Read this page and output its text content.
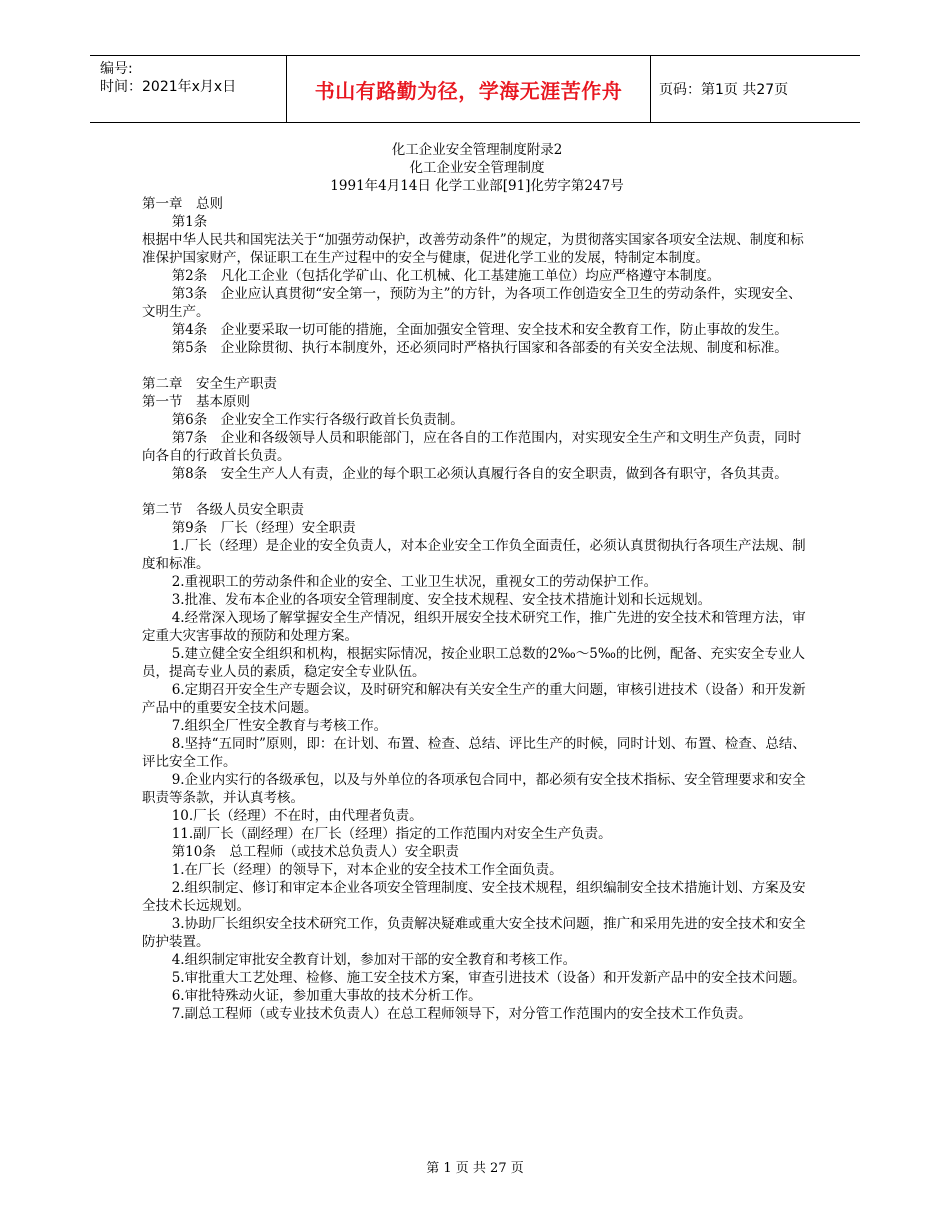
编号:
时间：2021年x月x日	书山有路勤为径，学海无涯苦作舟	页码：第1页 共27页

化工企业安全管理制度附录2

化工企业安全管理制度

1991年4月14日 化学工业部[91]化劳字第247号

第一章　总则

第1条

根据中华人民共和国宪法关于“加强劳动保护，改善劳动条件”的规定，为贯彻落实国家各项安全法规、制度和标准保护国家财产，保证职工在生产过程中的安全与健康，促进化学工业的发展，特制定本制度。

第2条　凡化工企业（包括化学矿山、化工机械、化工基建施工单位）均应严格遵守本制度。

第3条　企业应认真贯彻“安全第一，预防为主”的方针，为各项工作创造安全卫生的劳动条件，实现安全、文明生产。

第4条　企业要采取一切可能的措施，全面加强安全管理、安全技术和安全教育工作，防止事故的发生。

第5条　企业除贯彻、执行本制度外，还必须同时严格执行国家和各部委的有关安全法规、制度和标准。

第二章　安全生产职责

第一节　基本原则

第6条　企业安全工作实行各级行政首长负责制。

第7条　企业和各级领导人员和职能部门，应在各自的工作范围内，对实现安全生产和文明生产负责，同时向各自的行政首长负责。

第8条　安全生产人人有责，企业的每个职工必须认真履行各自的安全职责，做到各有职守，各负其责。

第二节　各级人员安全职责

第9条　厂长（经理）安全职责

1.厂长（经理）是企业的安全负责人，对本企业安全工作负全面责任，必须认真贯彻执行各项生产法规、制度和标准。

2.重视职工的劳动条件和企业的安全、工业卫生状况，重视女工的劳动保护工作。

3.批准、发布本企业的各项安全管理制度、安全技术规程、安全技术措施计划和长远规划。

4.经常深入现场了解掌握安全生产情况，组织开展安全技术研究工作，推广先进的安全技术和管理方法，审定重大灾害事故的预防和处理方案。

5.建立健全安全组织和机构，根据实际情况，按企业职工总数的2‰～5‰的比例，配备、充实安全专业人员，提高专业人员的素质，稳定安全专业队伍。

6.定期召开安全生产专题会议，及时研究和解决有关安全生产的重大问题，审核引进技术（设备）和开发新产品中的重要安全技术问题。

7.组织全厂性安全教育与考核工作。

8.坚持“五同时”原则，即：在计划、布置、检查、总结、评比生产的时候，同时计划、布置、检查、总结、评比安全工作。

9.企业内实行的各级承包，以及与外单位的各项承包合同中，都必须有安全技术指标、安全管理要求和安全职责等条款，并认真考核。

10.厂长（经理）不在时，由代理者负责。

11.副厂长（副经理）在厂长（经理）指定的工作范围内对安全生产负责。

第10条　总工程师（或技术总负责人）安全职责

1.在厂长（经理）的领导下，对本企业的安全技术工作全面负责。

2.组织制定、修订和审定本企业各项安全管理制度、安全技术规程，组织编制安全技术措施计划、方案及安全技术长远规划。

3.协助厂长组织安全技术研究工作，负责解决疑难或重大安全技术问题，推广和采用先进的安全技术和安全防护装置。

4.组织制定审批安全教育计划，参加对干部的安全教育和考核工作。

5.审批重大工艺处理、检修、施工安全技术方案，审查引进技术（设备）和开发新产品中的安全技术问题。

6.审批特殊动火证，参加重大事故的技术分析工作。

7.副总工程师（或专业技术负责人）在总工程师领导下，对分管工作范围内的安全技术工作负责。

第 1 页 共 27 页
